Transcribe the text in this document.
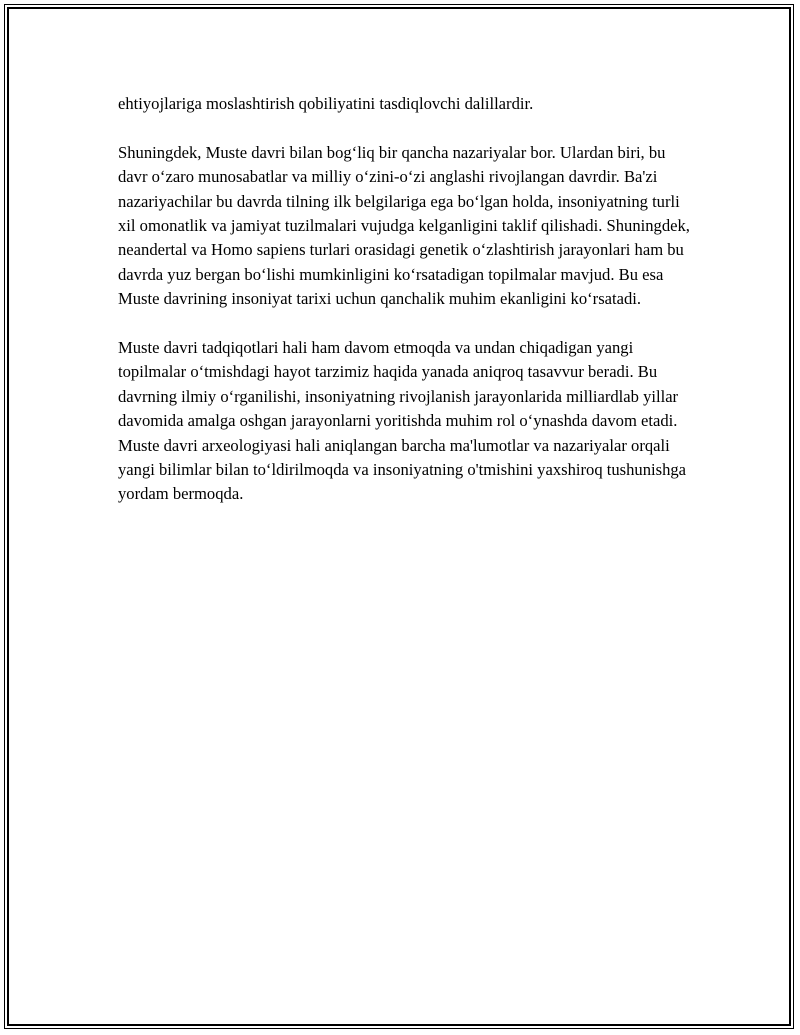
ehtiyojlariga moslashtirish qobiliyatini tasdiqlovchi dalillardir.

Shuningdek, Muste davri bilan bog‘liq bir qancha nazariyalar bor. Ulardan biri, bu davr o‘zaro munosabatlar va milliy o‘zini-o‘zi anglashi rivojlangan davrdir. Ba'zi nazariyachilar bu davrda tilning ilk belgilariga ega bo‘lgan holda, insoniyatning turli xil omonatlik va jamiyat tuzilmalari vujudga kelganligini taklif qilishadi. Shuningdek, neandertal va Homo sapiens turlari orasidagi genetik o‘zlashtirish jarayonlari ham bu davrda yuz bergan bo‘lishi mumkinligini ko‘rsatadigan topilmalar mavjud. Bu esa Muste davrining insoniyat tarixi uchun qanchalik muhim ekanligini ko‘rsatadi.

Muste davri tadqiqotlari hali ham davom etmoqda va undan chiqadigan yangi topilmalar o‘tmishdagi hayot tarzimiz haqida yanada aniqroq tasavvur beradi. Bu davrning ilmiy o‘rganilishi, insoniyatning rivojlanish jarayonlarida milliardlab yillar davomida amalga oshgan jarayonlarni yoritishda muhim rol o‘ynashda davom etadi. Muste davri arxeologiyasi hali aniqlangan barcha ma'lumotlar va nazariyalar orqali yangi bilimlar bilan to‘ldirilmoqda va insoniyatning o'tmishini yaxshiroq tushunishga yordam bermoqda.
